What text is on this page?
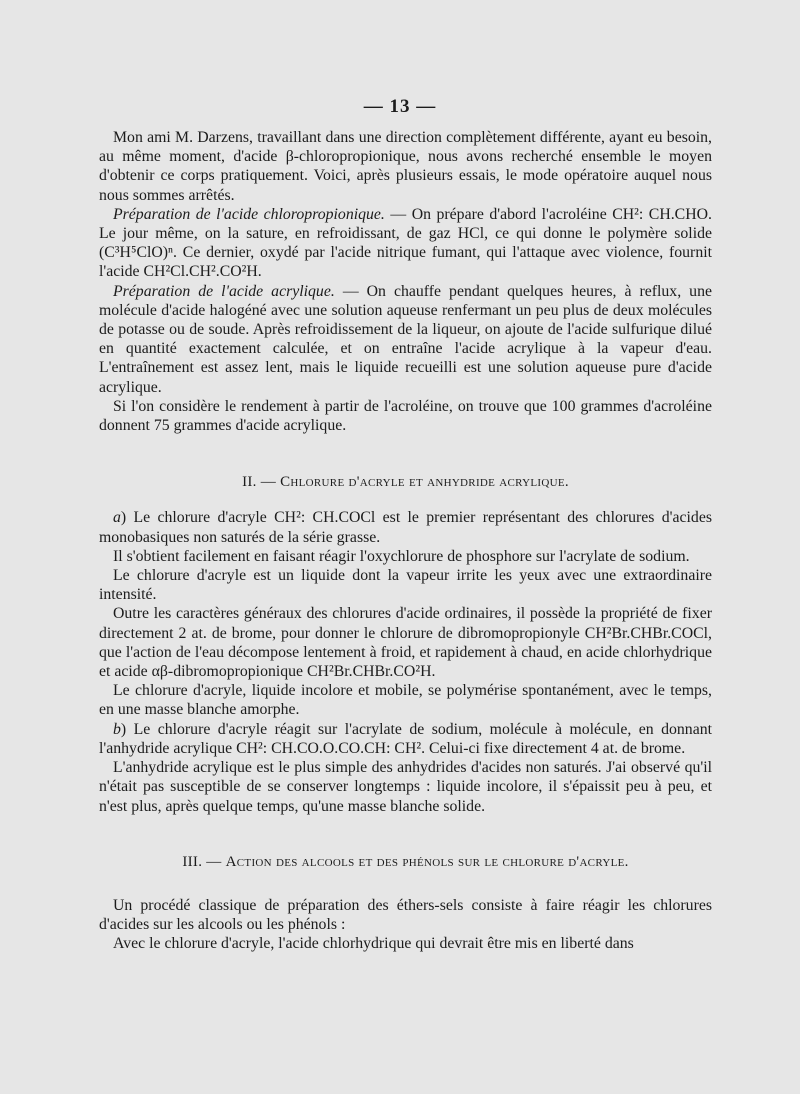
— 13 —

Mon ami M. Darzens, travaillant dans une direction complètement différente, ayant eu besoin, au même moment, d'acide β-chloropropionique, nous avons recherché ensemble le moyen d'obtenir ce corps pratiquement. Voici, après plusieurs essais, le mode opératoire auquel nous nous sommes arrêtés.

Préparation de l'acide chloropropionique. — On prépare d'abord l'acroléine CH²: CH.CHO. Le jour même, on la sature, en refroidissant, de gaz HCl, ce qui donne le polymère solide (C³H⁵ClO)ⁿ. Ce dernier, oxydé par l'acide nitrique fumant, qui l'attaque avec violence, fournit l'acide CH²Cl.CH².CO²H.

Préparation de l'acide acrylique. — On chauffe pendant quelques heures, à reflux, une molécule d'acide halogéné avec une solution aqueuse renfermant un peu plus de deux molécules de potasse ou de soude. Après refroidissement de la liqueur, on ajoute de l'acide sulfurique dilué en quantité exactement calculée, et on entraîne l'acide acrylique à la vapeur d'eau. L'entraînement est assez lent, mais le liquide recueilli est une solution aqueuse pure d'acide acrylique.

Si l'on considère le rendement à partir de l'acroléine, on trouve que 100 grammes d'acroléine donnent 75 grammes d'acide acrylique.

II. — Chlorure d'acryle et anhydride acrylique.

a) Le chlorure d'acryle CH²: CH.COCl est le premier représentant des chlorures d'acides monobasiques non saturés de la série grasse.

Il s'obtient facilement en faisant réagir l'oxychlorure de phosphore sur l'acrylate de sodium.

Le chlorure d'acryle est un liquide dont la vapeur irrite les yeux avec une extraordinaire intensité.

Outre les caractères généraux des chlorures d'acide ordinaires, il possède la propriété de fixer directement 2 at. de brome, pour donner le chlorure de dibromopropionyle CH²Br.CHBr.COCl, que l'action de l'eau décompose lentement à froid, et rapidement à chaud, en acide chlorhydrique et acide αβ-dibromopropionique CH²Br.CHBr.CO²H.

Le chlorure d'acryle, liquide incolore et mobile, se polymérise spontanément, avec le temps, en une masse blanche amorphe.

b) Le chlorure d'acryle réagit sur l'acrylate de sodium, molécule à molécule, en donnant l'anhydride acrylique CH²: CH.CO.O.CO.CH: CH². Celui-ci fixe directement 4 at. de brome.

L'anhydride acrylique est le plus simple des anhydrides d'acides non saturés. J'ai observé qu'il n'était pas susceptible de se conserver longtemps : liquide incolore, il s'épaissit peu à peu, et n'est plus, après quelque temps, qu'une masse blanche solide.

III. — Action des alcools et des phénols sur le chlorure d'acryle.

Un procédé classique de préparation des éthers-sels consiste à faire réagir les chlorures d'acides sur les alcools ou les phénols :

Avec le chlorure d'acryle, l'acide chlorhydrique qui devrait être mis en liberté dans
